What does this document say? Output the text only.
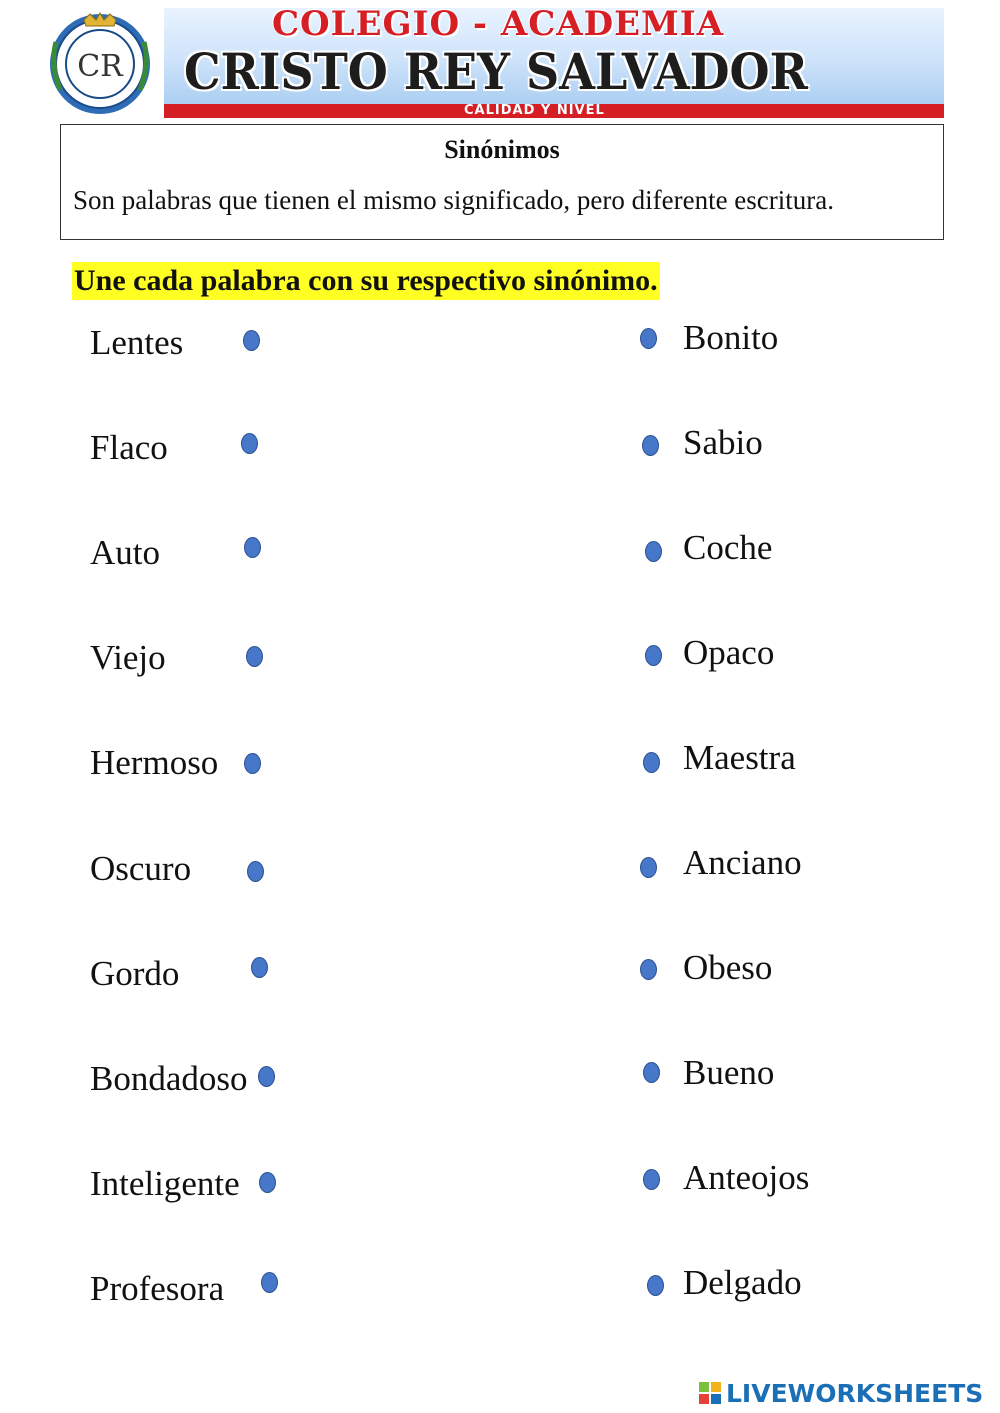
CR
COLEGIO - ACADEMIA
CRISTO REY SALVADOR
CALIDAD Y NIVEL
Sinónimos
Son palabras que tienen el mismo significado, pero diferente escritura.
Une cada palabra con su respectivo sinónimo.
Lentes
Flaco
Auto
Viejo
Hermoso
Oscuro
Gordo
Bondadoso
Inteligente
Profesora
Bonito
Sabio
Coche
Opaco
Maestra
Anciano
Obeso
Bueno
Anteojos
Delgado
LIVEWORKSHEETS
